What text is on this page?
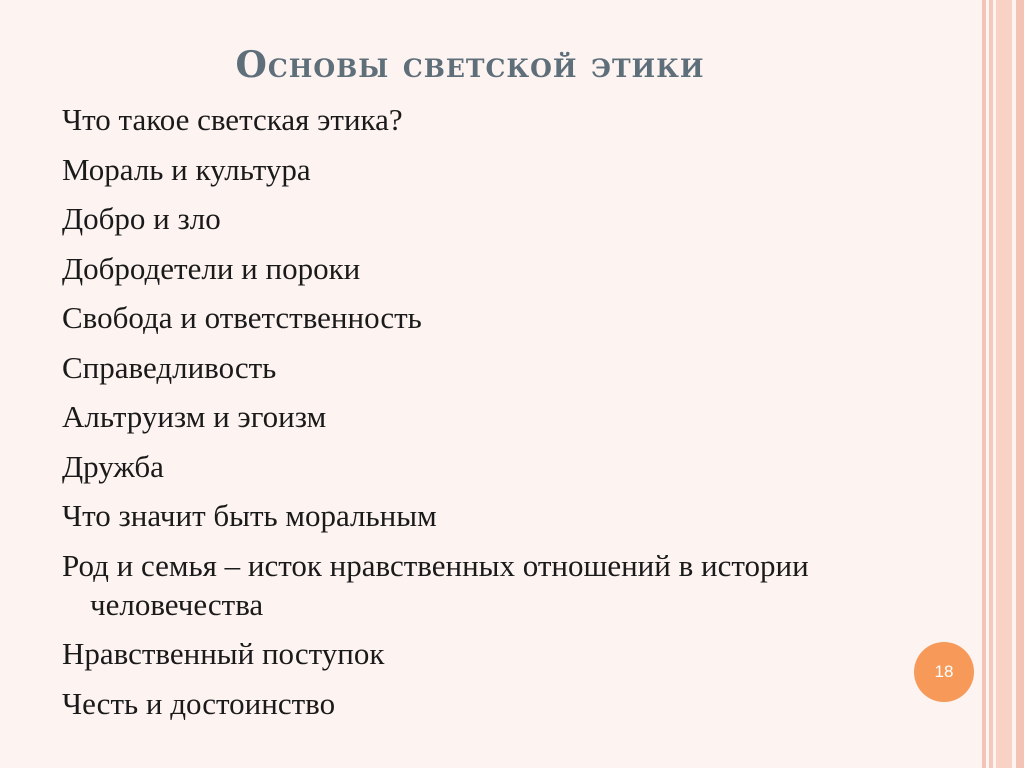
Основы светской этики
Что такое светская этика?
Мораль и культура
Добро и зло
Добродетели и пороки
Свобода и ответственность
Справедливость
Альтруизм и эгоизм
Дружба
Что значит быть моральным
Род и семья – исток нравственных отношений в истории человечества
Нравственный поступок
Честь и достоинство
18
